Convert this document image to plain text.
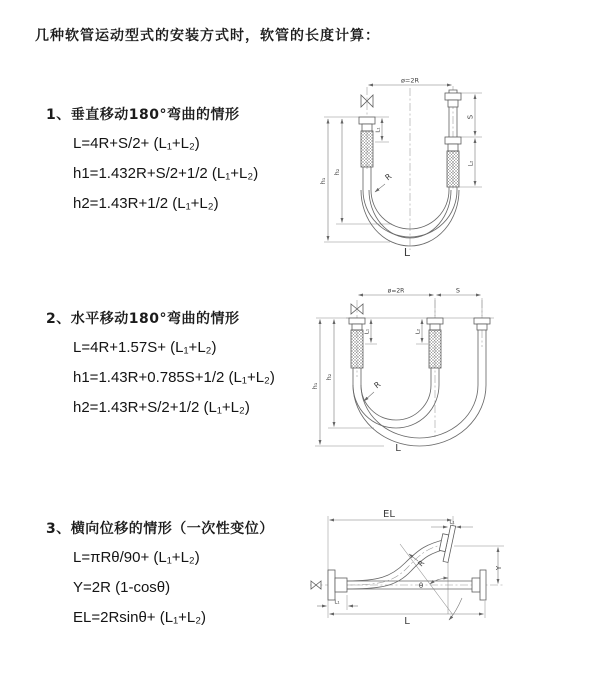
几种软管运动型式的安装方式时，软管的长度计算：
1、垂直移动180°弯曲的情形
L=4R+S/2+ (L₁+L₂)
h1=1.432R+S/2+1/2 (L₁+L₂)
h2=1.43R+1/2 (L₁+L₂)
ø=2R
S
L₂
L₁
h₁
h₂	R
L
2、水平移动180°弯曲的情形
L=4R+1.57S+ (L₁+L₂)
h1=1.43R+0.785S+1/2 (L₁+L₂)
h2=1.43R+S/2+1/2 (L₁+L₂)
ø=2R	S
h₁
h₂
L₁	L₂
R
L
3、横向位移的情形（一次性变位）
L=πRθ/90+ (L₁+L₂)
Y=2R (1-cosθ)
EL=2Rsinθ+ (L₁+L₂)
EL
L₁
R	Y
θ
L
L₁
